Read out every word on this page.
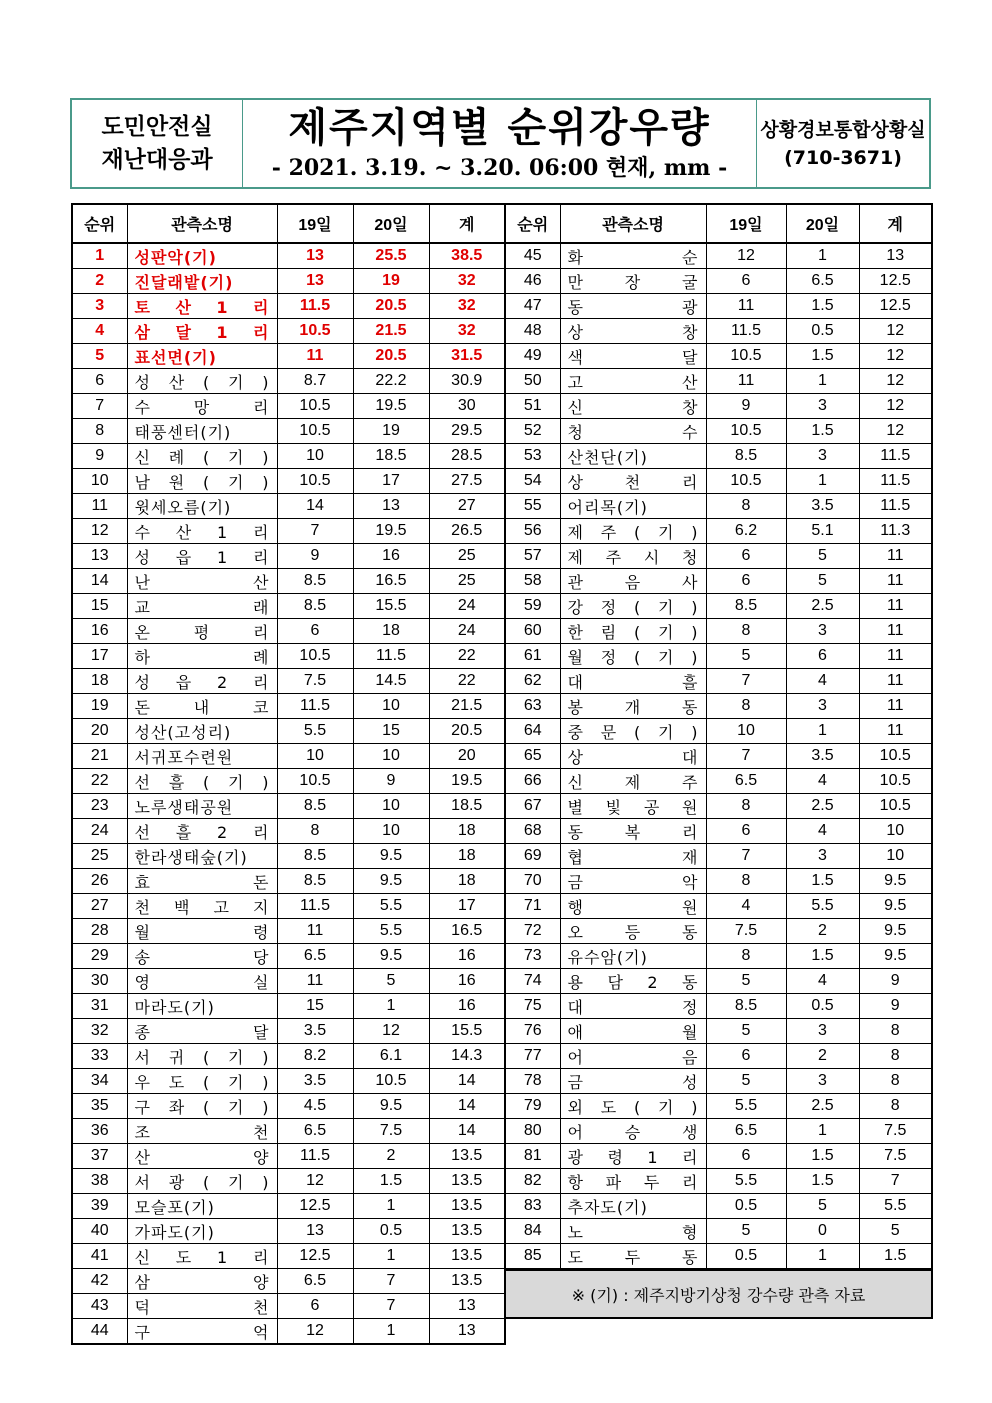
도민안전실
재난대응과
제주지역별 순위강우량
- 2021. 3.19. ~ 3.20. 06:00 현재, mm -
상황경보통합상황실
(710-3671)
순위	관측소명	19일	20일	계
1	성판악(기)	13	25.5	38.5
2	진달래밭(기)	13	19	32
3	토 산 1 리	11.5	20.5	32
4	삼 달 1 리	10.5	21.5	32
5	표선면(기)	11	20.5	31.5
6	성 산 ( 기 )	8.7	22.2	30.9
7	수 망 리	10.5	19.5	30
8	태풍센터(기)	10.5	19	29.5
9	신 례 ( 기 )	10	18.5	28.5
10	남 원 ( 기 )	10.5	17	27.5
11	윗세오름(기)	14	13	27
12	수 산 1 리	7	19.5	26.5
13	성 읍 1 리	9	16	25
14	난 산	8.5	16.5	25
15	교 래	8.5	15.5	24
16	온 평 리	6	18	24
17	하 례	10.5	11.5	22
18	성 읍 2 리	7.5	14.5	22
19	돈 내 코	11.5	10	21.5
20	성산(고성리)	5.5	15	20.5
21	서귀포수련원	10	10	20
22	선 흘 ( 기 )	10.5	9	19.5
23	노루생태공원	8.5	10	18.5
24	선 흘 2 리	8	10	18
25	한라생태숲(기)	8.5	9.5	18
26	효 돈	8.5	9.5	18
27	천 백 고 지	11.5	5.5	17
28	월 령	11	5.5	16.5
29	송 당	6.5	9.5	16
30	영 실	11	5	16
31	마라도(기)	15	1	16
32	종 달	3.5	12	15.5
33	서 귀 ( 기 )	8.2	6.1	14.3
34	우 도 ( 기 )	3.5	10.5	14
35	구 좌 ( 기 )	4.5	9.5	14
36	조 천	6.5	7.5	14
37	산 양	11.5	2	13.5
38	서 광 ( 기 )	12	1.5	13.5
39	모슬포(기)	12.5	1	13.5
40	가파도(기)	13	0.5	13.5
41	신 도 1 리	12.5	1	13.5
42	삼 양	6.5	7	13.5
43	덕 천	6	7	13
44	구 억	12	1	13
순위	관측소명	19일	20일	계
45	화 순	12	1	13
46	만 장 굴	6	6.5	12.5
47	동 광	11	1.5	12.5
48	상 창	11.5	0.5	12
49	색 달	10.5	1.5	12
50	고 산	11	1	12
51	신 창	9	3	12
52	청 수	10.5	1.5	12
53	산천단(기)	8.5	3	11.5
54	상 천 리	10.5	1	11.5
55	어리목(기)	8	3.5	11.5
56	제 주 ( 기 )	6.2	5.1	11.3
57	제 주 시 청	6	5	11
58	관 음 사	6	5	11
59	강 정 ( 기 )	8.5	2.5	11
60	한 림 ( 기 )	8	3	11
61	월 정 ( 기 )	5	6	11
62	대 흘	7	4	11
63	봉 개 동	8	3	11
64	중 문 ( 기 )	10	1	11
65	상 대	7	3.5	10.5
66	신 제 주	6.5	4	10.5
67	별 빛 공 원	8	2.5	10.5
68	동 복 리	6	4	10
69	협 재	7	3	10
70	금 악	8	1.5	9.5
71	행 원	4	5.5	9.5
72	오 등 동	7.5	2	9.5
73	유수암(기)	8	1.5	9.5
74	용 담 2 동	5	4	9
75	대 정	8.5	0.5	9
76	애 월	5	3	8
77	어 음	6	2	8
78	금 성	5	3	8
79	외 도 ( 기 )	5.5	2.5	8
80	어 승 생	6.5	1	7.5
81	광 령 1 리	6	1.5	7.5
82	항 파 두 리	5.5	1.5	7
83	추자도(기)	0.5	5	5.5
84	노 형	5	0	5
85	도 두 동	0.5	1	1.5

※ (기) : 제주지방기상청 강수량 관측 자료				
